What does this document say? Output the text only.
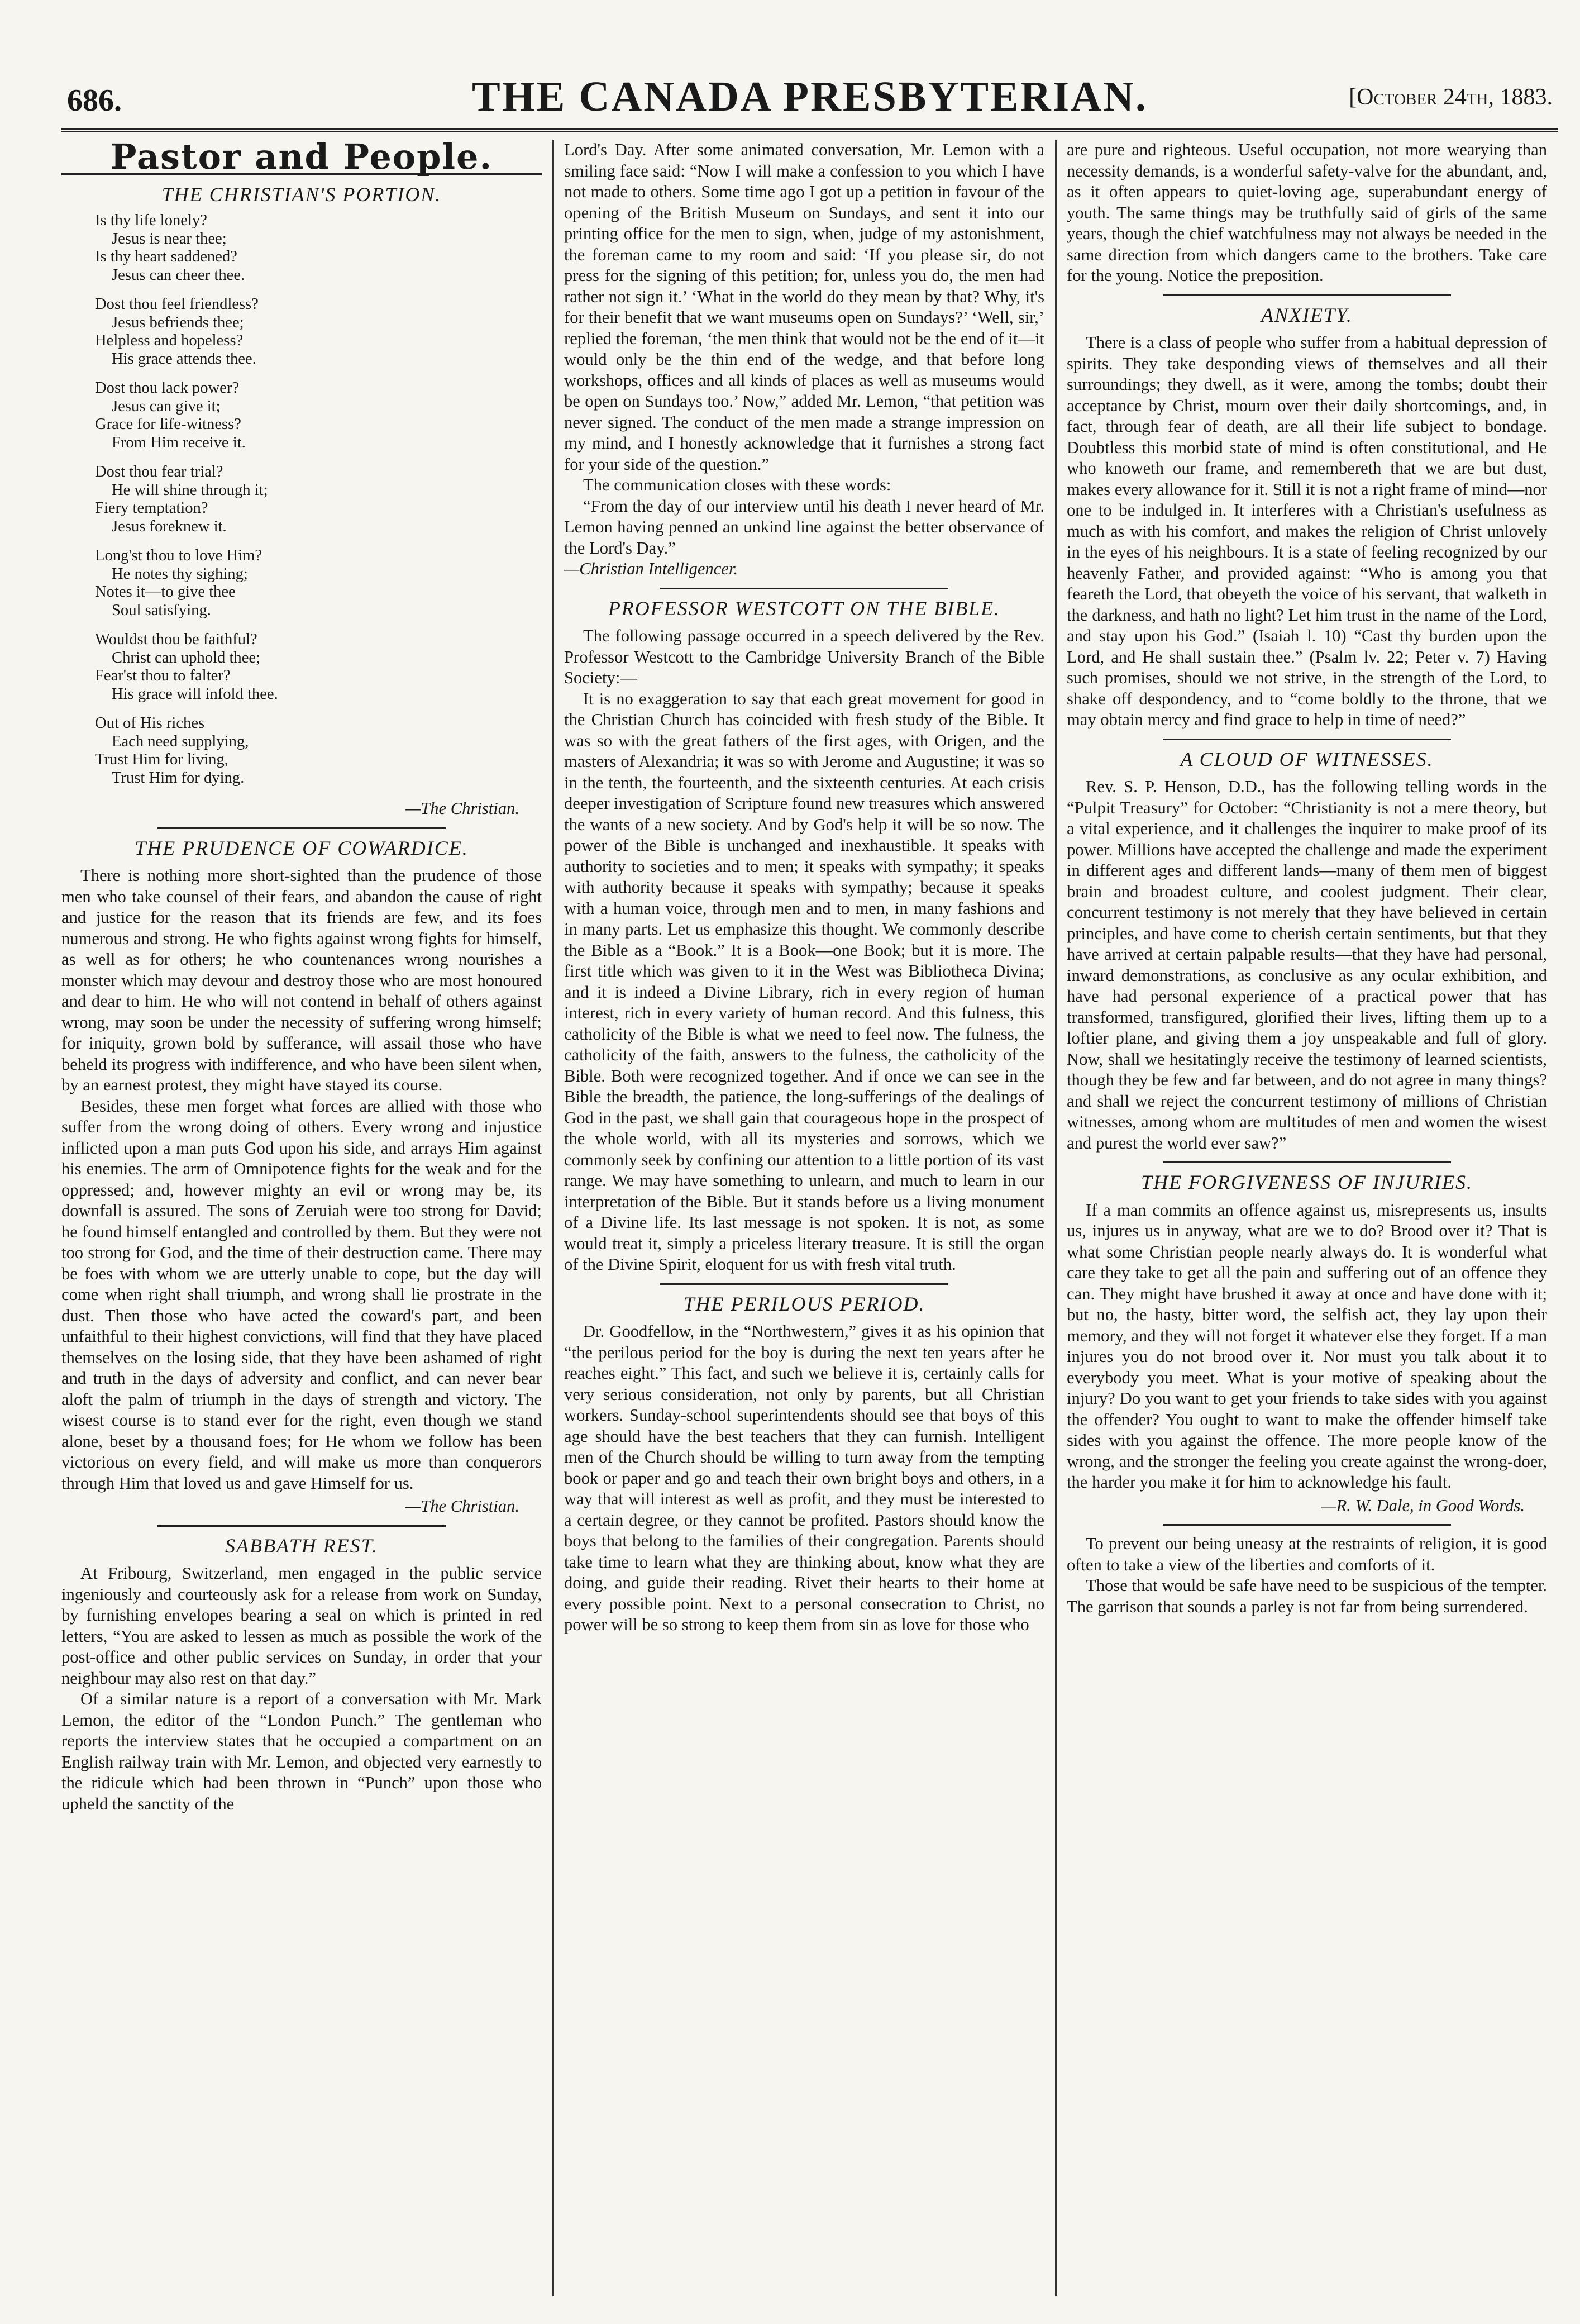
686.	THE CANADA PRESBYTERIAN.	[October 24th, 1883.
Pastor and People.
THE CHRISTIAN'S PORTION.
Is thy life lonely?
Jesus is near thee;
Is thy heart saddened?
Jesus can cheer thee.
Dost thou feel friendless?
Jesus befriends thee;
Helpless and hopeless?
His grace attends thee.
Dost thou lack power?
Jesus can give it;
Grace for life-witness?
From Him receive it.
Dost thou fear trial?
He will shine through it;
Fiery temptation?
Jesus foreknew it.
Long'st thou to love Him?
He notes thy sighing;
Notes it—to give thee
Soul satisfying.
Wouldst thou be faithful?
Christ can uphold thee;
Fear'st thou to falter?
His grace will infold thee.
Out of His riches
Each need supplying,
Trust Him for living,
Trust Him for dying.
—The Christian.
THE PRUDENCE OF COWARDICE.

There is nothing more short-sighted than the prudence of those men who take counsel of their fears, and abandon the cause of right and justice for the reason that its friends are few, and its foes numerous and strong. He who fights against wrong fights for himself, as well as for others; he who countenances wrong nourishes a monster which may devour and destroy those who are most honoured and dear to him. He who will not contend in behalf of others against wrong, may soon be under the necessity of suffering wrong himself; for iniquity, grown bold by sufferance, will assail those who have beheld its progress with indifference, and who have been silent when, by an earnest protest, they might have stayed its course.

Besides, these men forget what forces are allied with those who suffer from the wrong doing of others. Every wrong and injustice inflicted upon a man puts God upon his side, and arrays Him against his enemies. The arm of Omnipotence fights for the weak and for the oppressed; and, however mighty an evil or wrong may be, its downfall is assured. The sons of Zeruiah were too strong for David; he found himself entangled and controlled by them. But they were not too strong for God, and the time of their destruction came. There may be foes with whom we are utterly unable to cope, but the day will come when right shall triumph, and wrong shall lie prostrate in the dust. Then those who have acted the coward's part, and been unfaithful to their highest convictions, will find that they have placed themselves on the losing side, that they have been ashamed of right and truth in the days of adversity and conflict, and can never bear aloft the palm of triumph in the days of strength and victory. The wisest course is to stand ever for the right, even though we stand alone, beset by a thousand foes; for He whom we follow has been victorious on every field, and will make us more than conquerors through Him that loved us and gave Himself for us.

—The Christian.
SABBATH REST.

At Fribourg, Switzerland, men engaged in the public service ingeniously and courteously ask for a release from work on Sunday, by furnishing envelopes bearing a seal on which is printed in red letters, “You are asked to lessen as much as possible the work of the post-office and other public services on Sunday, in order that your neighbour may also rest on that day.”

Of a similar nature is a report of a conversation with Mr. Mark Lemon, the editor of the “London Punch.” The gentleman who reports the interview states that he occupied a compartment on an English railway train with Mr. Lemon, and objected very earnestly to the ridicule which had been thrown in “Punch” upon those who upheld the sanctity of the

Lord's Day. After some animated conversation, Mr. Lemon with a smiling face said: “Now I will make a confession to you which I have not made to others. Some time ago I got up a petition in favour of the opening of the British Museum on Sundays, and sent it into our printing office for the men to sign, when, judge of my astonishment, the foreman came to my room and said: ‘If you please sir, do not press for the signing of this petition; for, unless you do, the men had rather not sign it.’ ‘What in the world do they mean by that? Why, it's for their benefit that we want museums open on Sundays?’ ‘Well, sir,’ replied the foreman, ‘the men think that would not be the end of it—it would only be the thin end of the wedge, and that before long workshops, offices and all kinds of places as well as museums would be open on Sundays too.’ Now,” added Mr. Lemon, “that petition was never signed. The conduct of the men made a strange impression on my mind, and I honestly acknowledge that it furnishes a strong fact for your side of the question.”

The communication closes with these words:

“From the day of our interview until his death I never heard of Mr. Lemon having penned an unkind line against the better observance of the Lord's Day.”

—Christian Intelligencer.

PROFESSOR WESTCOTT ON THE BIBLE.

The following passage occurred in a speech delivered by the Rev. Professor Westcott to the Cambridge University Branch of the Bible Society:—

It is no exaggeration to say that each great movement for good in the Christian Church has coincided with fresh study of the Bible. It was so with the great fathers of the first ages, with Origen, and the masters of Alexandria; it was so with Jerome and Augustine; it was so in the tenth, the fourteenth, and the sixteenth centuries. At each crisis deeper investigation of Scripture found new treasures which answered the wants of a new society. And by God's help it will be so now. The power of the Bible is unchanged and inexhaustible. It speaks with authority to societies and to men; it speaks with sympathy; it speaks with authority because it speaks with sympathy; because it speaks with a human voice, through men and to men, in many fashions and in many parts. Let us emphasize this thought. We commonly describe the Bible as a “Book.” It is a Book—one Book; but it is more. The first title which was given to it in the West was Bibliotheca Divina; and it is indeed a Divine Library, rich in every region of human interest, rich in every variety of human record. And this fulness, this catholicity of the Bible is what we need to feel now. The fulness, the catholicity of the faith, answers to the fulness, the catholicity of the Bible. Both were recognized together. And if once we can see in the Bible the breadth, the patience, the long-sufferings of the dealings of God in the past, we shall gain that courageous hope in the prospect of the whole world, with all its mysteries and sorrows, which we commonly seek by confining our attention to a little portion of its vast range. We may have something to unlearn, and much to learn in our interpretation of the Bible. But it stands before us a living monument of a Divine life. Its last message is not spoken. It is not, as some would treat it, simply a priceless literary treasure. It is still the organ of the Divine Spirit, eloquent for us with fresh vital truth.

THE PERILOUS PERIOD.

Dr. Goodfellow, in the “Northwestern,” gives it as his opinion that “the perilous period for the boy is during the next ten years after he reaches eight.” This fact, and such we believe it is, certainly calls for very serious consideration, not only by parents, but all Christian workers. Sunday-school superintendents should see that boys of this age should have the best teachers that they can furnish. Intelligent men of the Church should be willing to turn away from the tempting book or paper and go and teach their own bright boys and others, in a way that will interest as well as profit, and they must be interested to a certain degree, or they cannot be profited. Pastors should know the boys that belong to the families of their congregation. Parents should take time to learn what they are thinking about, know what they are doing, and guide their reading. Rivet their hearts to their home at every possible point. Next to a personal consecration to Christ, no power will be so strong to keep them from sin as love for those who

are pure and righteous. Useful occupation, not more wearying than necessity demands, is a wonderful safety-valve for the abundant, and, as it often appears to quiet-loving age, superabundant energy of youth. The same things may be truthfully said of girls of the same years, though the chief watchfulness may not always be needed in the same direction from which dangers came to the brothers. Take care for the young. Notice the preposition.

ANXIETY.

There is a class of people who suffer from a habitual depression of spirits. They take desponding views of themselves and all their surroundings; they dwell, as it were, among the tombs; doubt their acceptance by Christ, mourn over their daily shortcomings, and, in fact, through fear of death, are all their life subject to bondage. Doubtless this morbid state of mind is often constitutional, and He who knoweth our frame, and remembereth that we are but dust, makes every allowance for it. Still it is not a right frame of mind—nor one to be indulged in. It interferes with a Christian's usefulness as much as with his comfort, and makes the religion of Christ unlovely in the eyes of his neighbours. It is a state of feeling recognized by our heavenly Father, and provided against: “Who is among you that feareth the Lord, that obeyeth the voice of his servant, that walketh in the darkness, and hath no light? Let him trust in the name of the Lord, and stay upon his God.” (Isaiah l. 10) “Cast thy burden upon the Lord, and He shall sustain thee.” (Psalm lv. 22; Peter v. 7) Having such promises, should we not strive, in the strength of the Lord, to shake off despondency, and to “come boldly to the throne, that we may obtain mercy and find grace to help in time of need?”

A CLOUD OF WITNESSES.

Rev. S. P. Henson, D.D., has the following telling words in the “Pulpit Treasury” for October: “Christianity is not a mere theory, but a vital experience, and it challenges the inquirer to make proof of its power. Millions have accepted the challenge and made the experiment in different ages and different lands—many of them men of biggest brain and broadest culture, and coolest judgment. Their clear, concurrent testimony is not merely that they have believed in certain principles, and have come to cherish certain sentiments, but that they have arrived at certain palpable results—that they have had personal, inward demonstrations, as conclusive as any ocular exhibition, and have had personal experience of a practical power that has transformed, transfigured, glorified their lives, lifting them up to a loftier plane, and giving them a joy unspeakable and full of glory. Now, shall we hesitatingly receive the testimony of learned scientists, though they be few and far between, and do not agree in many things? and shall we reject the concurrent testimony of millions of Christian witnesses, among whom are multitudes of men and women the wisest and purest the world ever saw?”

THE FORGIVENESS OF INJURIES.

If a man commits an offence against us, misrepresents us, insults us, injures us in anyway, what are we to do? Brood over it? That is what some Christian people nearly always do. It is wonderful what care they take to get all the pain and suffering out of an offence they can. They might have brushed it away at once and have done with it; but no, the hasty, bitter word, the selfish act, they lay upon their memory, and they will not forget it whatever else they forget. If a man injures you do not brood over it. Nor must you talk about it to everybody you meet. What is your motive of speaking about the injury? Do you want to get your friends to take sides with you against the offender? You ought to want to make the offender himself take sides with you against the offence. The more people know of the wrong, and the stronger the feeling you create against the wrong-doer, the harder you make it for him to acknowledge his fault.

—R. W. Dale, in Good Words.

To prevent our being uneasy at the restraints of religion, it is good often to take a view of the liberties and comforts of it.

Those that would be safe have need to be suspicious of the tempter. The garrison that sounds a parley is not far from being surrendered.
